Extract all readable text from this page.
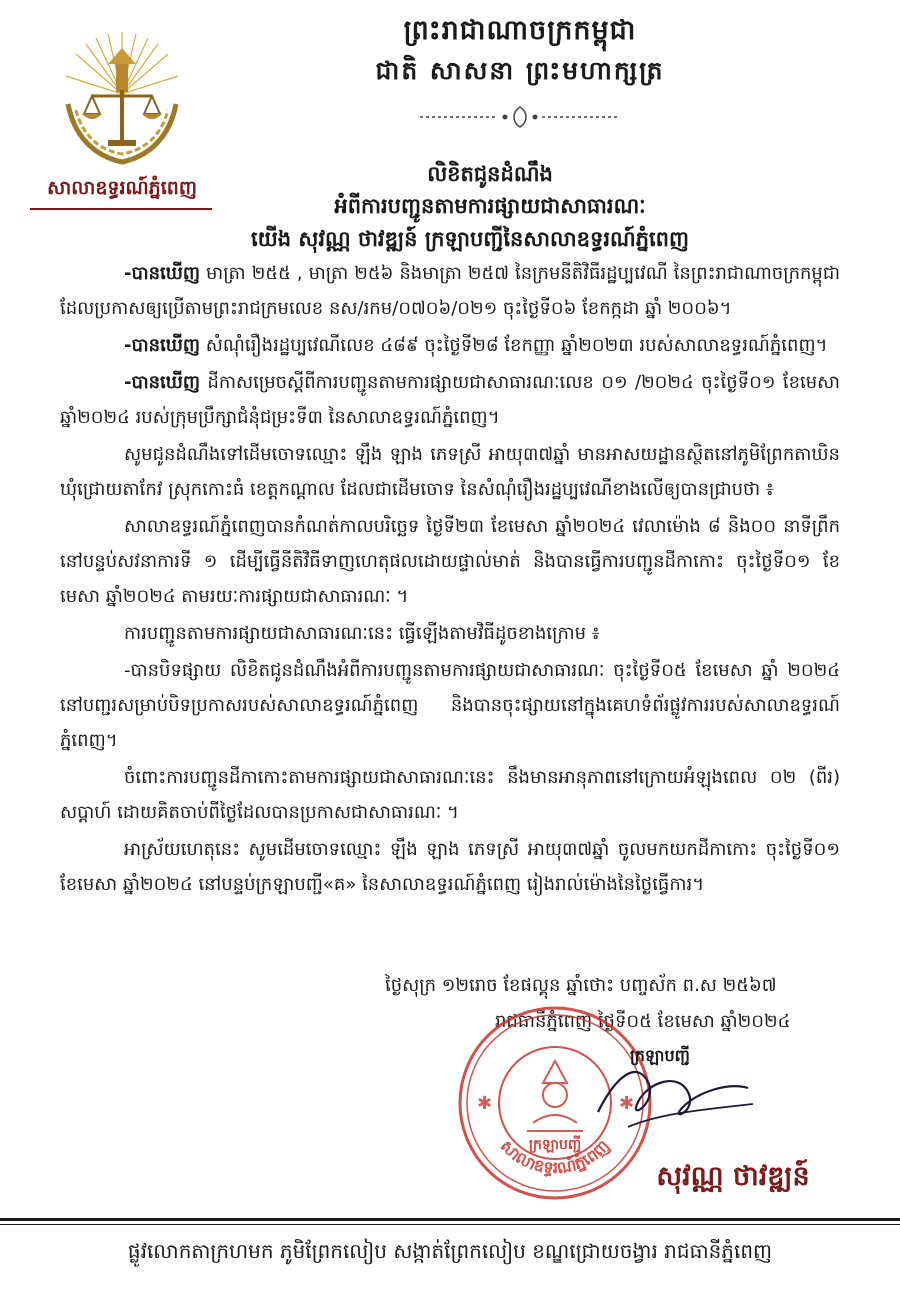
ព្រះរាជាណាចក្រកម្ពុជា
ជាតិ សាសនា ព្រះមហាក្សត្រ
សាលាឧទ្ធរណ៍ភ្នំពេញ
លិខិតជូនដំណឹង
អំពីការបញ្ជូនតាមការផ្សាយជាសាធារណៈ
យើង សុវណ្ណ ថាវឌ្ឍន៍ ក្រឡាបញ្ជីនៃសាលាឧទ្ធរណ៍ភ្នំពេញ

-បានឃើញ មាត្រា ២៥៥ , មាត្រា ២៥៦ និងមាត្រា ២៥៧ នៃក្រមនីតិវិធីរដ្ឋប្បវេណី នៃព្រះរាជាណាចក្រកម្ពុជា ដែលប្រកាសឲ្យប្រើតាមព្រះរាជក្រមលេខ នស/រកម/០៧០៦/០២១ ចុះថ្ងៃទី០៦ ខែកក្កដា ឆ្នាំ ២០០៦។

-បានឃើញ សំណុំរឿងរដ្ឋប្បវេណីលេខ ៤៨៩ ចុះថ្ងៃទី២៨ ខែកញ្ញា ឆ្នាំ២០២៣ របស់សាលាឧទ្ធរណ៍ភ្នំពេញ។

-បានឃើញ ដីកាសម្រេចស្ដីពីការបញ្ជូនតាមការផ្សាយជាសាធារណៈលេខ ០១ /២០២៤ ចុះថ្ងៃទី០១ ខែមេសា ឆ្នាំ២០២៤ របស់ក្រុមប្រឹក្សាជំនុំជម្រះទី៣ នៃសាលាឧទ្ធរណ៍ភ្នំពេញ។

សូមជូនដំណឹងទៅដើមចោទឈ្មោះ ឡឹង ឡាង ភេទស្រី អាយុ៣៧ឆ្នាំ មានអាសយដ្ឋានស្ថិតនៅភូមិព្រែកតាឃិន ឃុំជ្រោយតាកែវ ស្រុកកោះធំ ខេត្តកណ្ដាល ដែលជាដើមចោទ នៃសំណុំរឿងរដ្ឋប្បវេណីខាងលើឲ្យបានជ្រាបថា ៖

សាលាឧទ្ធរណ៍ភ្នំពេញបានកំណត់កាលបរិច្ឆេទ ថ្ងៃទី២៣ ខែមេសា ឆ្នាំ២០២៤ វេលាម៉ោង ៨ និង០០ នាទីព្រឹក នៅបន្ទប់សវនាការទី ១ ដើម្បីធ្វើនីតិវិធីទាញហេតុផលដោយផ្ទាល់មាត់ និងបានធ្វើការបញ្ជូនដីកាកោះ ចុះថ្ងៃទី០១ ខែមេសា ឆ្នាំ២០២៤ តាមរយៈការផ្សាយជាសាធារណៈ ។

ការបញ្ជូនតាមការផ្សាយជាសាធារណៈនេះ ធ្វើឡើងតាមវិធីដូចខាងក្រោម ៖

-បានបិទផ្សាយ លិខិតជូនដំណឹងអំពីការបញ្ជូនតាមការផ្សាយជាសាធារណៈ ចុះថ្ងៃទី០៥ ខែមេសា ឆ្នាំ ២០២៤ នៅបញ្ជរសម្រាប់បិទប្រកាសរបស់សាលាឧទ្ធរណ៍ភ្នំពេញ និងបានចុះផ្សាយនៅក្នុងគេហទំព័រផ្លូវការរបស់សាលាឧទ្ធរណ៍ភ្នំពេញ។

ចំពោះការបញ្ជូនដីកាកោះតាមការផ្សាយជាសាធារណៈនេះ នឹងមានអានុភាពនៅក្រោយអំឡុងពេល ០២ (ពីរ) សប្ដាហ៍ ដោយគិតចាប់ពីថ្ងៃដែលបានប្រកាសជាសាធារណៈ ។

អាស្រ័យហេតុនេះ សូមដើមចោទឈ្មោះ ឡឹង ឡាង ភេទស្រី អាយុ៣៧ឆ្នាំ ចូលមកយកដីកាកោះ ចុះថ្ងៃទី០១ ខែមេសា ឆ្នាំ២០២៤ នៅបន្ទប់ក្រឡាបញ្ជី«គ» នៃសាលាឧទ្ធរណ៍ភ្នំពេញ រៀងរាល់ម៉ោងនៃថ្ងៃធ្វើការ។

ថ្ងៃសុក្រ ១២រោច ខែផល្គុន ឆ្នាំថោះ បញ្ចស័ក ព.ស ២៥៦៧
រាជធានីភ្នំពេញ ថ្ងៃទី០៥ ខែមេសា ឆ្នាំ២០២៤
សាលាឧទ្ធរណ៍ភ្នំពេញ
ក្រឡាបញ្ជី
✱	✱
ក្រឡាបញ្ជី
សុវណ្ណ ថាវឌ្ឍន៍
ផ្លូវលោកតាក្រហមក ភូមិព្រែកលៀប សង្កាត់ព្រែកលៀប ខណ្ឌជ្រោយចង្វារ រាជធានីភ្នំពេញ
